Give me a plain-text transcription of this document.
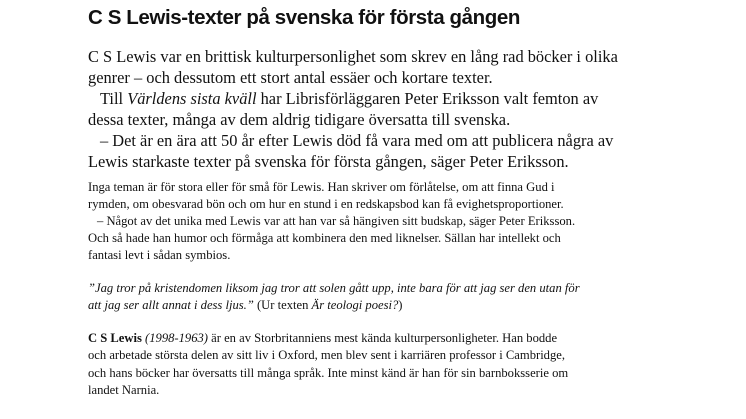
C S Lewis-texter på svenska för första gången
C S Lewis var en brittisk kulturpersonlighet som skrev en lång rad böcker i olika
genrer – och dessutom ett stort antal essäer och kortare texter.
Till Världens sista kväll har Librisförläggaren Peter Eriksson valt femton av
dessa texter, många av dem aldrig tidigare översatta till svenska.
– Det är en ära att 50 år efter Lewis död få vara med om att publicera några av
Lewis starkaste texter på svenska för första gången, säger Peter Eriksson.
Inga teman är för stora eller för små för Lewis. Han skriver om förlåtelse, om att finna Gud i
rymden, om obesvarad bön och om hur en stund i en redskapsbod kan få evighetsproportioner.
– Något av det unika med Lewis var att han var så hängiven sitt budskap, säger Peter Eriksson.
Och så hade han humor och förmåga att kombinera den med liknelser. Sällan har intellekt och
fantasi levt i sådan symbios.
”Jag tror på kristendomen liksom jag tror att solen gått upp, inte bara för att jag ser den utan för
att jag ser allt annat i dess ljus.” (Ur texten Är teologi poesi?)
C S Lewis (1998-1963) är en av Storbritanniens mest kända kulturpersonligheter. Han bodde
och arbetade största delen av sitt liv i Oxford, men blev sent i karriären professor i Cambridge,
och hans böcker har översatts till många språk. Inte minst känd är han för sin barnboksserie om
landet Narnia.
